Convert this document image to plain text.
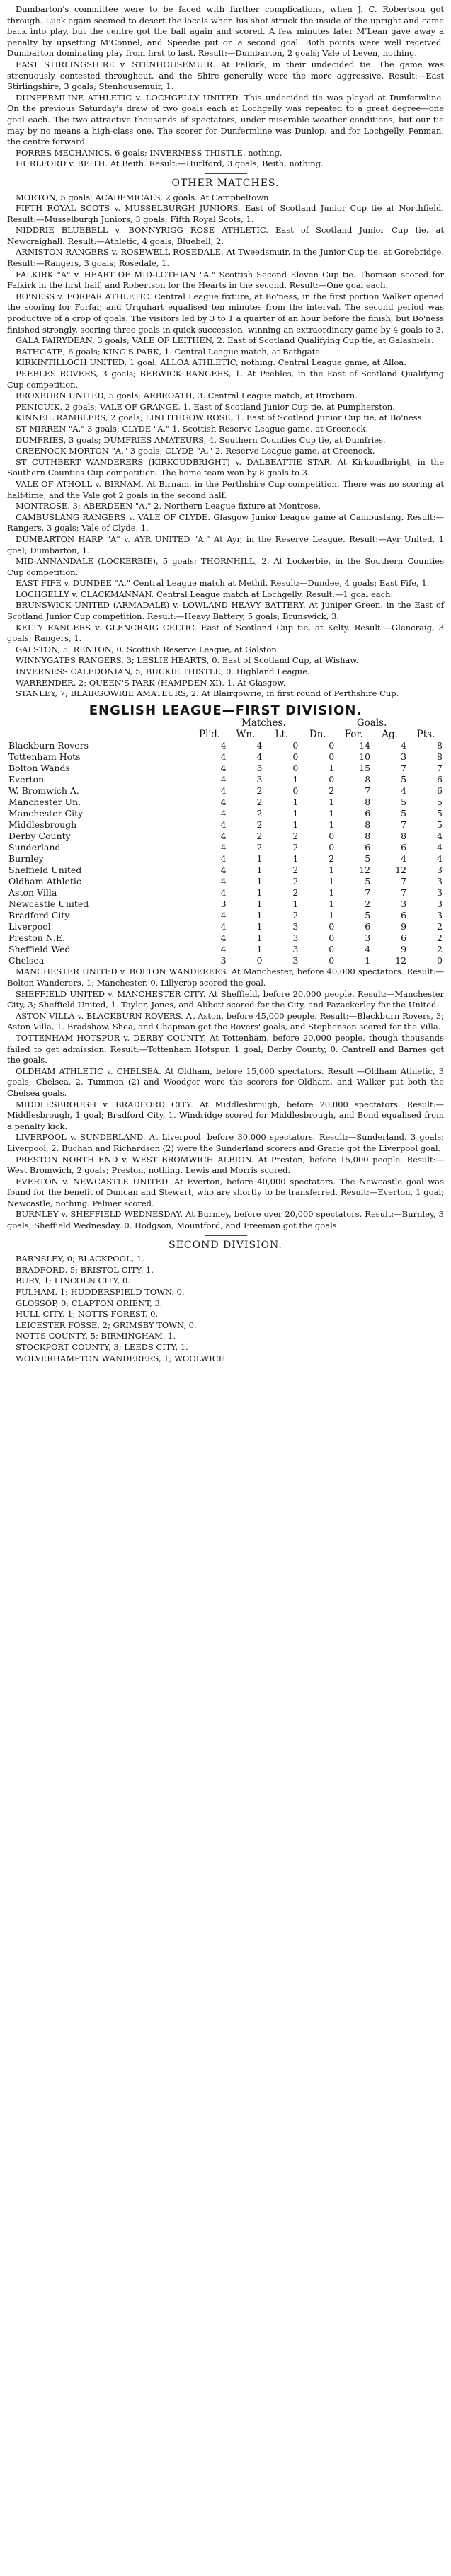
Dumbarton's committee were to be faced with further complications, when J. C. Robertson got through. Luck again seemed to desert the locals when his shot struck the inside of the upright and came back into play, but the centre got the ball again and scored. A few minutes later M'Lean gave away a penalty by upsetting M'Connel, and Speedie put on a second goal. Both points were well received. Dumbarton dominating play from first to last. Result:—Dumbarton, 2 goals; Vale of Leven, nothing.

EAST STIRLINGSHIRE v. STENHOUSEMUIR. At Falkirk, in their undecided tie. The game was strenuously contested throughout, and the Shire generally were the more aggressive. Result:—East Stirlingshire, 3 goals; Stenhousemuir, 1.

DUNFERMLINE ATHLETIC v. LOCHGELLY UNITED. This undecided tie was played at Dunfermline. On the previous Saturday's draw of two goals each at Lochgelly was repeated to a great degree—one goal each. The two attractive thousands of spectators, under miserable weather conditions, but our tie may by no means a high-class one. The scorer for Dunfermline was Dunlop, and for Lochgelly, Penman, the centre forward.

FORRES MECHANICS, 6 goals; INVERNESS THISTLE, nothing.

HURLFORD v. BEITH. At Beith. Result:—Hurlford, 3 goals; Beith, nothing.

OTHER MATCHES.

MORTON, 5 goals; ACADEMICALS, 2 goals. At Campbeltown.

FIFTH ROYAL SCOTS v. MUSSELBURGH JUNIORS. East of Scotland Junior Cup tie at Northfield. Result:—Musselburgh Juniors, 3 goals; Fifth Royal Scots, 1.

NIDDRIE BLUEBELL v. BONNYRIGG ROSE ATHLETIC. East of Scotland Junior Cup tie, at Newcraighall. Result:—Athletic, 4 goals; Bluebell, 2.

ARNISTON RANGERS v. ROSEWELL ROSEDALE. At Tweedsmuir, in the Junior Cup tie, at Gorebridge. Result:—Rangers, 3 goals; Rosedale, 1.

FALKIRK "A" v. HEART OF MID-LOTHIAN "A." Scottish Second Eleven Cup tie. Thomson scored for Falkirk in the first half, and Robertson for the Hearts in the second. Result:—One goal each.

BO'NESS v. FORFAR ATHLETIC. Central League fixture, at Bo'ness, in the first portion Walker opened the scoring for Forfar, and Urquhart equalised ten minutes from the interval. The second period was productive of a crop of goals. The visitors led by 3 to 1 a quarter of an hour before the finish, but Bo'ness finished strongly, scoring three goals in quick succession, winning an extraordinary game by 4 goals to 3.

GALA FAIRYDEAN, 3 goals; VALE OF LEITHEN, 2. East of Scotland Qualifying Cup tie, at Galashiels.

BATHGATE, 6 goals; KING'S PARK, 1. Central League match, at Bathgate.

KIRKINTILLOCH UNITED, 1 goal; ALLOA ATHLETIC, nothing. Central League game, at Alloa.

PEEBLES ROVERS, 3 goals; BERWICK RANGERS, 1. At Peebles, in the East of Scotland Qualifying Cup competition.

BROXBURN UNITED, 5 goals; ARBROATH, 3. Central League match, at Broxburn.

PENICUIK, 2 goals; VALE OF GRANGE, 1. East of Scotland Junior Cup tie, at Pumpherston.

KINNEIL RAMBLERS, 2 goals; LINLITHGOW ROSE, 1. East of Scotland Junior Cup tie, at Bo'ness.

ST MIRREN "A," 3 goals; CLYDE "A," 1. Scottish Reserve League game, at Greenock.

DUMFRIES, 3 goals; DUMFRIES AMATEURS, 4. Southern Counties Cup tie, at Dumfries.

GREENOCK MORTON "A," 3 goals; CLYDE "A," 2. Reserve League game, at Greenock.

ST CUTHBERT WANDERERS (KIRKCUDBRIGHT) v. DALBEATTIE STAR. At Kirkcudbright, in the Southern Counties Cup competition. The home team won by 8 goals to 3.

VALE OF ATHOLL v. BIRNAM. At Birnam, in the Perthshire Cup competition. There was no scoring at half-time, and the Vale got 2 goals in the second half.

MONTROSE, 3; ABERDEEN "A," 2. Northern League fixture at Montrose.

CAMBUSLANG RANGERS v. VALE OF CLYDE. Glasgow Junior League game at Cambuslang. Result:—Rangers, 3 goals; Vale of Clyde, 1.

DUMBARTON HARP "A" v. AYR UNITED "A." At Ayr, in the Reserve League. Result:—Ayr United, 1 goal; Dumbarton, 1.

MID-ANNANDALE (LOCKERBIE), 5 goals; THORNHILL, 2. At Lockerbie, in the Southern Counties Cup competition.

EAST FIFE v. DUNDEE "A." Central League match at Methil. Result:—Dundee, 4 goals; East Fife, 1.

LOCHGELLY v. CLACKMANNAN. Central League match at Lochgelly. Result:—1 goal each.

BRUNSWICK UNITED (ARMADALE) v. LOWLAND HEAVY BATTERY. At Juniper Green, in the East of Scotland Junior Cup competition. Result:—Heavy Battery, 5 goals; Brunswick, 3.

KELTY RANGERS v. GLENCRAIG CELTIC. East of Scotland Cup tie, at Kelty. Result:—Glencraig, 3 goals; Rangers, 1.

GALSTON, 5; RENTON, 0. Scottish Reserve League, at Galston.

WINNYGATES RANGERS, 3; LESLIE HEARTS, 0. East of Scotland Cup, at Wishaw.

INVERNESS CALEDONIAN, 5; BUCKIE THISTLE, 0. Highland League.

WARRENDER, 2; QUEEN'S PARK (HAMPDEN XI), 1. At Glasgow.

STANLEY, 7; BLAIRGOWRIE AMATEURS, 2. At Blairgowrie, in first round of Perthshire Cup.

ENGLISH LEAGUE—FIRST DIVISION.
	Matches.				Goals.		
	Pl'd.	Wn.	Lt.	Dn.	For.	Ag.	Pts.
Blackburn Rovers	4	4	0	0	14	4	8
Tottenham Hots	4	4	0	0	10	3	8
Bolton Wands	4	3	0	1	15	7	7
Everton	4	3	1	0	8	5	6
W. Bromwich A.	4	2	0	2	7	4	6
Manchester Un.	4	2	1	1	8	5	5
Manchester City	4	2	1	1	6	5	5
Middlesbrough	4	2	1	1	8	7	5
Derby County	4	2	2	0	8	8	4
Sunderland	4	2	2	0	6	6	4
Burnley	4	1	1	2	5	4	4
Sheffield United	4	1	2	1	12	12	3
Oldham Athletic	4	1	2	1	5	7	3
Aston Villa	4	1	2	1	7	7	3
Newcastle United	3	1	1	1	2	3	3
Bradford City	4	1	2	1	5	6	3
Liverpool	4	1	3	0	6	9	2
Preston N.E.	4	1	3	0	3	6	2
Sheffield Wed.	4	1	3	0	4	9	2
Chelsea	3	0	3	0	1	12	0

MANCHESTER UNITED v. BOLTON WANDERERS. At Manchester, before 40,000 spectators. Result:—Bolton Wanderers, 1; Manchester, 0. Lillycrop scored the goal.

SHEFFIELD UNITED v. MANCHESTER CITY. At Sheffield, before 20,000 people. Result:—Manchester City, 3; Sheffield United, 1. Taylor, Jones, and Abbott scored for the City, and Fazackerley for the United.

ASTON VILLA v. BLACKBURN ROVERS. At Aston, before 45,000 people. Result:—Blackburn Rovers, 3; Aston Villa, 1. Bradshaw, Shea, and Chapman got the Rovers' goals, and Stephenson scored for the Villa.

TOTTENHAM HOTSPUR v. DERBY COUNTY. At Tottenham, before 20,000 people, though thousands failed to get admission. Result:—Tottenham Hotspur, 1 goal; Derby County, 0. Cantrell and Barnes got the goals.

OLDHAM ATHLETIC v. CHELSEA. At Oldham, before 15,000 spectators. Result:—Oldham Athletic, 3 goals; Chelsea, 2. Tummon (2) and Woodger were the scorers for Oldham, and Walker put both the Chelsea goals.

MIDDLESBROUGH v. BRADFORD CITY. At Middlesbrough, before 20,000 spectators. Result:—Middlesbrough, 1 goal; Bradford City, 1. Windridge scored for Middlesbrough, and Bond equalised from a penalty kick.

LIVERPOOL v. SUNDERLAND. At Liverpool, before 30,000 spectators. Result:—Sunderland, 3 goals; Liverpool, 2. Buchan and Richardson (2) were the Sunderland scorers and Gracie got the Liverpool goal.

PRESTON NORTH END v. WEST BROMWICH ALBION. At Preston, before 15,000 people. Result:—West Bromwich, 2 goals; Preston, nothing. Lewis and Morris scored.

EVERTON v. NEWCASTLE UNITED. At Everton, before 40,000 spectators. The Newcastle goal was found for the benefit of Duncan and Stewart, who are shortly to be transferred. Result:—Everton, 1 goal; Newcastle, nothing. Palmer scored.

BURNLEY v. SHEFFIELD WEDNESDAY. At Burnley, before over 20,000 spectators. Result:—Burnley, 3 goals; Sheffield Wednesday, 0. Hodgson, Mountford, and Freeman got the goals.

SECOND DIVISION.

BARNSLEY, 0; BLACKPOOL, 1.

BRADFORD, 5; BRISTOL CITY, 1.

BURY, 1; LINCOLN CITY, 0.

FULHAM, 1; HUDDERSFIELD TOWN, 0.

GLOSSOP, 0; CLAPTON ORIENT, 3.

HULL CITY, 1; NOTTS FOREST, 0.

LEICESTER FOSSE, 2; GRIMSBY TOWN, 0.

NOTTS COUNTY, 5; BIRMINGHAM, 1.

STOCKPORT COUNTY, 3; LEEDS CITY, 1.

WOLVERHAMPTON WANDERERS, 1; WOOLWICH
